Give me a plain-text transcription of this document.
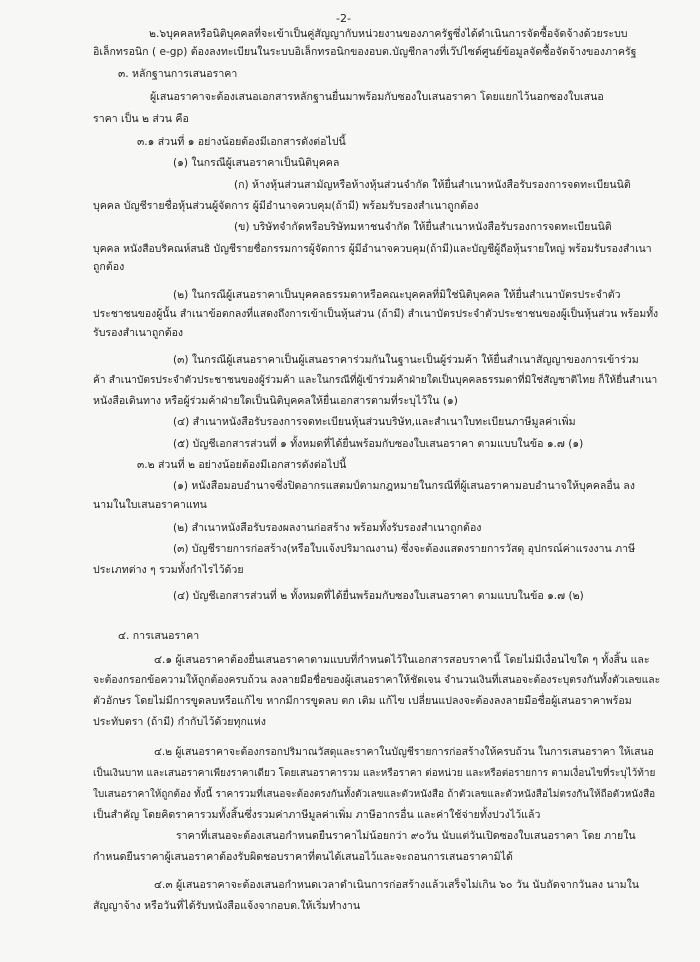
-2-
๒.๖บุคคลหรือนิติบุคคลที่จะเข้าเป็นคู่สัญญากับหน่วยงานของภาครัฐซึ่งได้ดำเนินการจัดซื้อจัดจ้างด้วยระบบ
อิเล็กทรอนิก ( e-gp) ต้องลงทะเบียนในระบบอิเล็กทรอนิกของอบต.บัญชีกลางที่เว๊ปไซด์ศูนย์ข้อมูลจัดซื้อจัดจ้างของภาครัฐ
๓. หลักฐานการเสนอราคา
ผู้เสนอราคาจะต้องเสนอเอกสารหลักฐานยื่นมาพร้อมกับซองใบเสนอราคา โดยแยกไว้นอกซองใบเสนอ
ราคา เป็น ๒ ส่วน คือ
๓.๑ ส่วนที่ ๑ อย่างน้อยต้องมีเอกสารดังต่อไปนี้
(๑) ในกรณีผู้เสนอราคาเป็นนิติบุคคล
(ก) ห้างหุ้นส่วนสามัญหรือห้างหุ้นส่วนจำกัด ให้ยื่นสำเนาหนังสือรับรองการจดทะเบียนนิติ
บุคคล บัญชีรายชื่อหุ้นส่วนผู้จัดการ ผู้มีอำนาจควบคุม(ถ้ามี) พร้อมรับรองสำเนาถูกต้อง
(ข) บริษัทจำกัดหรือบริษัทมหาชนจำกัด ให้ยื่นสำเนาหนังสือรับรองการจดทะเบียนนิติ
บุคคล หนังสือบริคณห์สนธิ บัญชีรายชื่อกรรมการผู้จัดการ ผู้มีอำนาจควบคุม(ถ้ามี)และบัญชีผู้ถือหุ้นรายใหญ่ พร้อมรับรองสำเนา
ถูกต้อง
(๒) ในกรณีผู้เสนอราคาเป็นบุคคลธรรมดาหรือคณะบุคคลที่มิใช่นิติบุคคล ให้ยื่นสำเนาบัตรประจำตัว
ประชาชนของผู้นั้น สำเนาข้อตกลงที่แสดงถึงการเข้าเป็นหุ้นส่วน (ถ้ามี) สำเนาบัตรประจำตัวประชาชนของผู้เป็นหุ้นส่วน พร้อมทั้ง
รับรองสำเนาถูกต้อง
(๓) ในกรณีผู้เสนอราคาเป็นผู้เสนอราคาร่วมกันในฐานะเป็นผู้ร่วมค้า ให้ยื่นสำเนาสัญญาของการเข้าร่วม
ค้า สำเนาบัตรประจำตัวประชาชนของผู้ร่วมค้า และในกรณีที่ผู้เข้าร่วมค้าฝ่ายใดเป็นบุคคลธรรมดาที่มิใช่สัญชาติไทย ก็ให้ยื่นสำเนา
หนังสือเดินทาง หรือผู้ร่วมค้าฝ่ายใดเป็นนิติบุคคลให้ยื่นเอกสารตามที่ระบุไว้ใน (๑)
(๔) สำเนาหนังสือรับรองการจดทะเบียนหุ้นส่วนบริษัท,และสำเนาใบทะเบียนภาษีมูลค่าเพิ่ม
(๕) บัญชีเอกสารส่วนที่ ๑ ทั้งหมดที่ได้ยื่นพร้อมกับซองใบเสนอราคา ตามแบบในข้อ ๑.๗ (๑)
๓.๒ ส่วนที่ ๒ อย่างน้อยต้องมีเอกสารดังต่อไปนี้
(๑) หนังสือมอบอำนาจซึ่งปิดอากรแสตมป์ตามกฎหมายในกรณีที่ผู้เสนอราคามอบอำนาจให้บุคคลอื่น ลง
นามในใบเสนอราคาแทน
(๒) สำเนาหนังสือรับรองผลงานก่อสร้าง พร้อมทั้งรับรองสำเนาถูกต้อง
(๓) บัญชีรายการก่อสร้าง(หรือใบแจ้งปริมาณงาน) ซึ่งจะต้องแสดงรายการวัสดุ อุปกรณ์ค่าแรงงาน ภาษี
ประเภทต่าง ๆ รวมทั้งกำไรไว้ด้วย
(๔) บัญชีเอกสารส่วนที่ ๒ ทั้งหมดที่ได้ยื่นพร้อมกับซองใบเสนอราคา ตามแบบในข้อ ๑.๗ (๒)
๔. การเสนอราคา
๔.๑ ผู้เสนอราคาต้องยื่นเสนอราคาตามแบบที่กำหนดไว้ในเอกสารสอบราคานี้ โดยไม่มีเงื่อนไขใด ๆ ทั้งสิ้น และ
จะต้องกรอกข้อความให้ถูกต้องครบถ้วน ลงลายมือชื่อของผู้เสนอราคาให้ชัดเจน จำนวนเงินที่เสนอจะต้องระบุตรงกันทั้งตัวเลขและ
ตัวอักษร โดยไม่มีการขูดลบหรือแก้ไข หากมีการขูดลบ ตก เติม แก้ไข เปลี่ยนแปลงจะต้องลงลายมือชื่อผู้เสนอราคาพร้อม
ประทับตรา (ถ้ามี) กำกับไว้ด้วยทุกแห่ง
๔.๒ ผู้เสนอราคาจะต้องกรอกปริมาณวัสดุและราคาในบัญชีรายการก่อสร้างให้ครบถ้วน ในการเสนอราคา ให้เสนอ
เป็นเงินบาท และเสนอราคาเพียงราคาเดียว โดยเสนอราคารวม และหรือราคา ต่อหน่วย และหรือต่อรายการ ตามเงื่อนไขที่ระบุไว้ท้าย
ใบเสนอราคาให้ถูกต้อง ทั้งนี้ ราคารวมที่เสนอจะต้องตรงกันทั้งตัวเลขและตัวหนังสือ ถ้าตัวเลขและตัวหนังสือไม่ตรงกันให้ถือตัวหนังสือ
เป็นสำคัญ โดยคิดราคารวมทั้งสิ้นซึ่งรวมค่าภาษีมูลค่าเพิ่ม ภาษีอากรอื่น และค่าใช้จ่ายทั้งปวงไว้แล้ว
ราคาที่เสนอจะต้องเสนอกำหนดยืนราคาไม่น้อยกว่า ๙๐วัน นับแต่วันเปิดซองใบเสนอราคา โดย ภายใน
กำหนดยืนราคาผู้เสนอราคาต้องรับผิดชอบราคาที่ตนได้เสนอไว้และจะถอนการเสนอราคามิได้
๔.๓ ผู้เสนอราคาจะต้องเสนอกำหนดเวลาดำเนินการก่อสร้างแล้วเสร็จไม่เกิน ๖๐ วัน นับถัดจากวันลง นามใน
สัญญาจ้าง หรือวันที่ได้รับหนังสือแจ้งจากอบต.ให้เริ่มทำงาน
